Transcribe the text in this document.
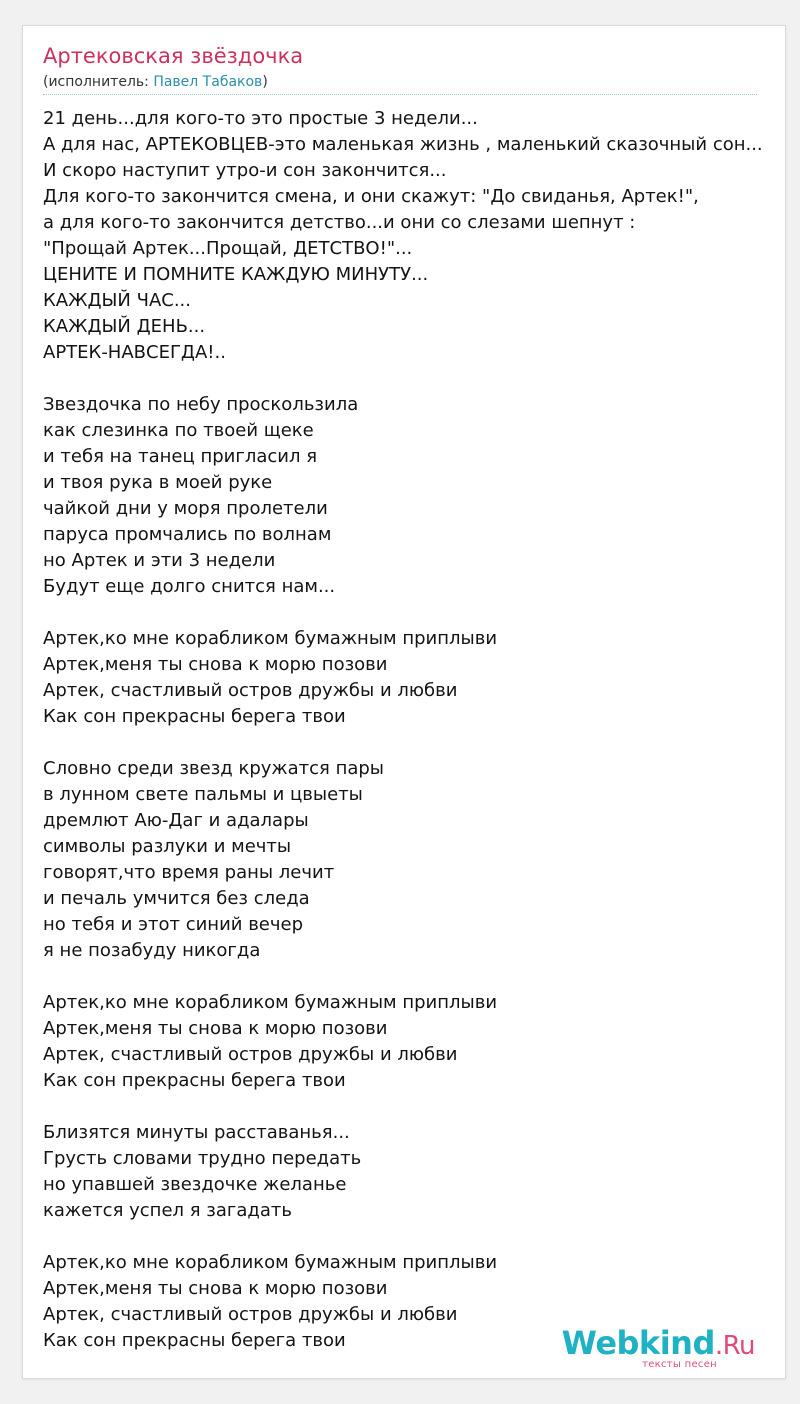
Артековская звёздочка
(исполнитель: Павел Табаков)
21 день...для кого-то это простые 3 недели...
А для нас, АРТЕКОВЦЕВ-это маленькая жизнь , маленький сказочный сон...
И скоро наступит утро-и сон закончится...
Для кого-то закончится смена, и они скажут: "До свиданья, Артек!",
а для кого-то закончится детство...и они со слезами шепнут :
"Прощай Артек...Прощай, ДЕТСТВО!"...
ЦЕНИТЕ И ПОМНИТЕ КАЖДУЮ МИНУТУ...
КАЖДЫЙ ЧАС...
КАЖДЫЙ ДЕНЬ...
АРТЕК-НАВСЕГДА!..
Звездочка по небу проскользила
как слезинка по твоей щеке
и тебя на танец пригласил я
и твоя рука в моей руке
чайкой дни у моря пролетели
паруса промчались по волнам
но Артек и эти 3 недели
Будут еще долго снится нам...
Артек,ко мне корабликом бумажным приплыви
Артек,меня ты снова к морю позови
Артек, счастливый остров дружбы и любви
Как сон прекрасны берега твои
Словно среди звезд кружатся пары
в лунном свете пальмы и цвыеты
дремлют Аю-Даг и адалары
символы разлуки и мечты
говорят,что время раны лечит
и печаль умчится без следа
но тебя и этот синий вечер
я не позабуду никогда
Артек,ко мне корабликом бумажным приплыви
Артек,меня ты снова к морю позови
Артек, счастливый остров дружбы и любви
Как сон прекрасны берега твои
Близятся минуты расставанья...
Грусть словами трудно передать
но упавшей звездочке желанье
кажется успел я загадать
Артек,ко мне корабликом бумажным приплыви
Артек,меня ты снова к морю позови
Артек, счастливый остров дружбы и любви
Как сон прекрасны берега твои	Webkind.Ru
тексты песен
